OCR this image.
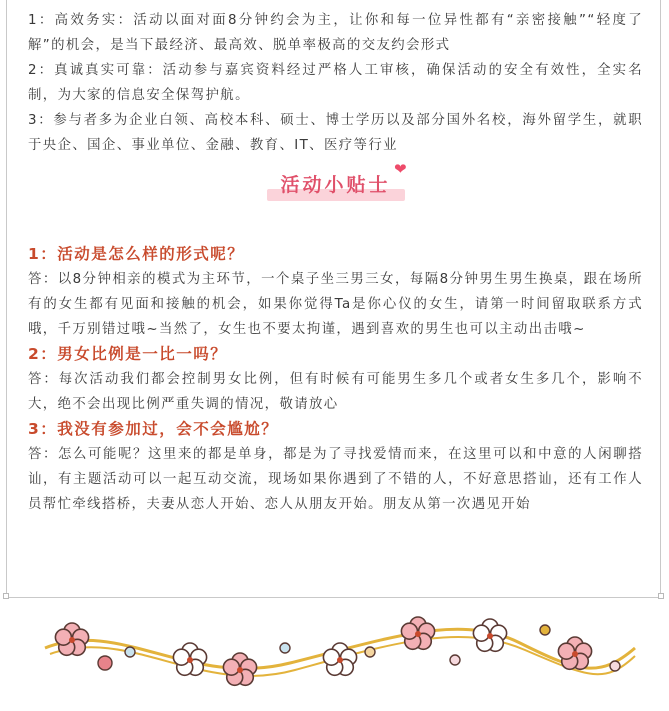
1：高效务实：活动以面对面8分钟约会为主，让你和每一位异性都有“亲密接触”“轻度了解”的机会，是当下最经济、最高效、脱单率极高的交友约会形式

2：真诚真实可靠：活动参与嘉宾资料经过严格人工审核，确保活动的安全有效性，全实名制，为大家的信息安全保驾护航。

3：参与者多为企业白领、高校本科、硕士、博士学历以及部分国外名校，海外留学生，就职于央企、国企、事业单位、金融、教育、IT、医疗等行业

活动小贴士
❤

1：活动是怎么样的形式呢？

答：以8分钟相亲的模式为主环节，一个桌子坐三男三女，每隔8分钟男生男生换桌，跟在场所有的女生都有见面和接触的机会，如果你觉得Ta是你心仪的女生，请第一时间留取联系方式哦，千万别错过哦~当然了，女生也不要太拘谨，遇到喜欢的男生也可以主动出击哦~

2：男女比例是一比一吗？

答：每次活动我们都会控制男女比例，但有时候有可能男生多几个或者女生多几个，影响不大，绝不会出现比例严重失调的情况，敬请放心

3：我没有参加过，会不会尴尬？

答：怎么可能呢？这里来的都是单身，都是为了寻找爱情而来，在这里可以和中意的人闲聊搭讪，有主题活动可以一起互动交流，现场如果你遇到了不错的人，不好意思搭讪，还有工作人员帮忙牵线搭桥，夫妻从恋人开始、恋人从朋友开始。朋友从第一次遇见开始
